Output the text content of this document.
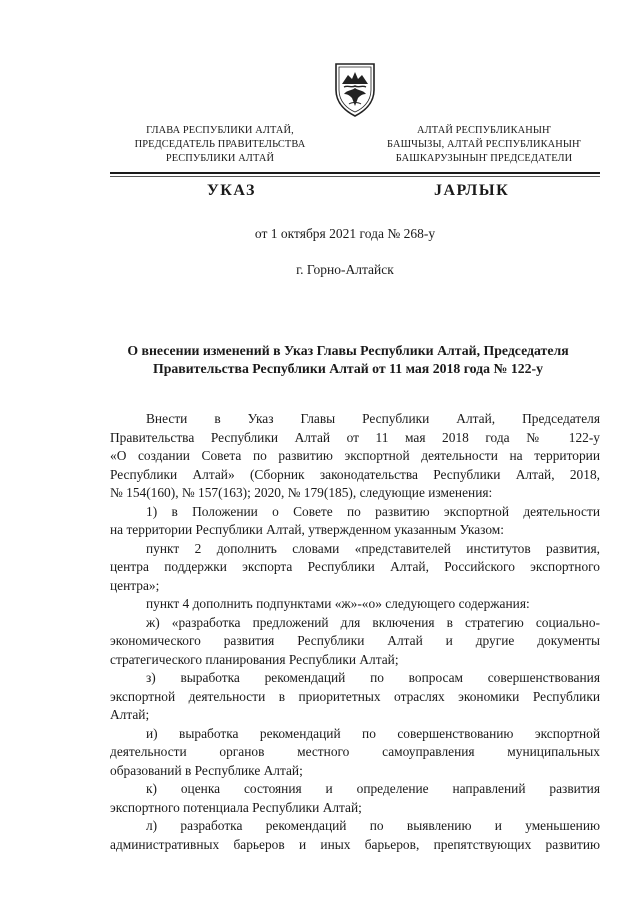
ГЛАВА РЕСПУБЛИКИ АЛТАЙ,
ПРЕДСЕДАТЕЛЬ ПРАВИТЕЛЬСТВА
РЕСПУБЛИКИ АЛТАЙ
АЛТАЙ РЕСПУБЛИКАНЫҤ
БАШЧЫЗЫ, АЛТАЙ РЕСПУБЛИКАНЫҤ
БАШКАРУЗЫНЫҤ ПРЕДСЕДАТЕЛИ
УКАЗ	JАРЛЫК
от 1 октября 2021 года № 268-у
г. Горно-Алтайск
О внесении изменений в Указ Главы Республики Алтай, Председателя
Правительства Республики Алтай от 11 мая 2018 года № 122-у
Внести в Указ Главы Республики Алтай, Председателя
Правительства Республики Алтай от 11 мая 2018 года № 122-у
«О создании Совета по развитию экспортной деятельности на территории
Республики Алтай» (Сборник законодательства Республики Алтай, 2018,
№ 154(160), № 157(163); 2020, № 179(185), следующие изменения:
1) в Положении о Совете по развитию экспортной деятельности
на территории Республики Алтай, утвержденном указанным Указом:
пункт 2 дополнить словами «представителей институтов развития,
центра поддержки экспорта Республики Алтай, Российского экспортного
центра»;
пункт 4 дополнить подпунктами «ж»-«о» следующего содержания:
ж) «разработка предложений для включения в стратегию социально-
экономического развития Республики Алтай и другие документы
стратегического планирования Республики Алтай;
з) выработка рекомендаций по вопросам совершенствования
экспортной деятельности в приоритетных отраслях экономики Республики
Алтай;
и) выработка рекомендаций по совершенствованию экспортной
деятельности органов местного самоуправления муниципальных
образований в Республике Алтай;
к) оценка состояния и определение направлений развития
экспортного потенциала Республики Алтай;
л) разработка рекомендаций по выявлению и уменьшению
административных барьеров и иных барьеров, препятствующих развитию
